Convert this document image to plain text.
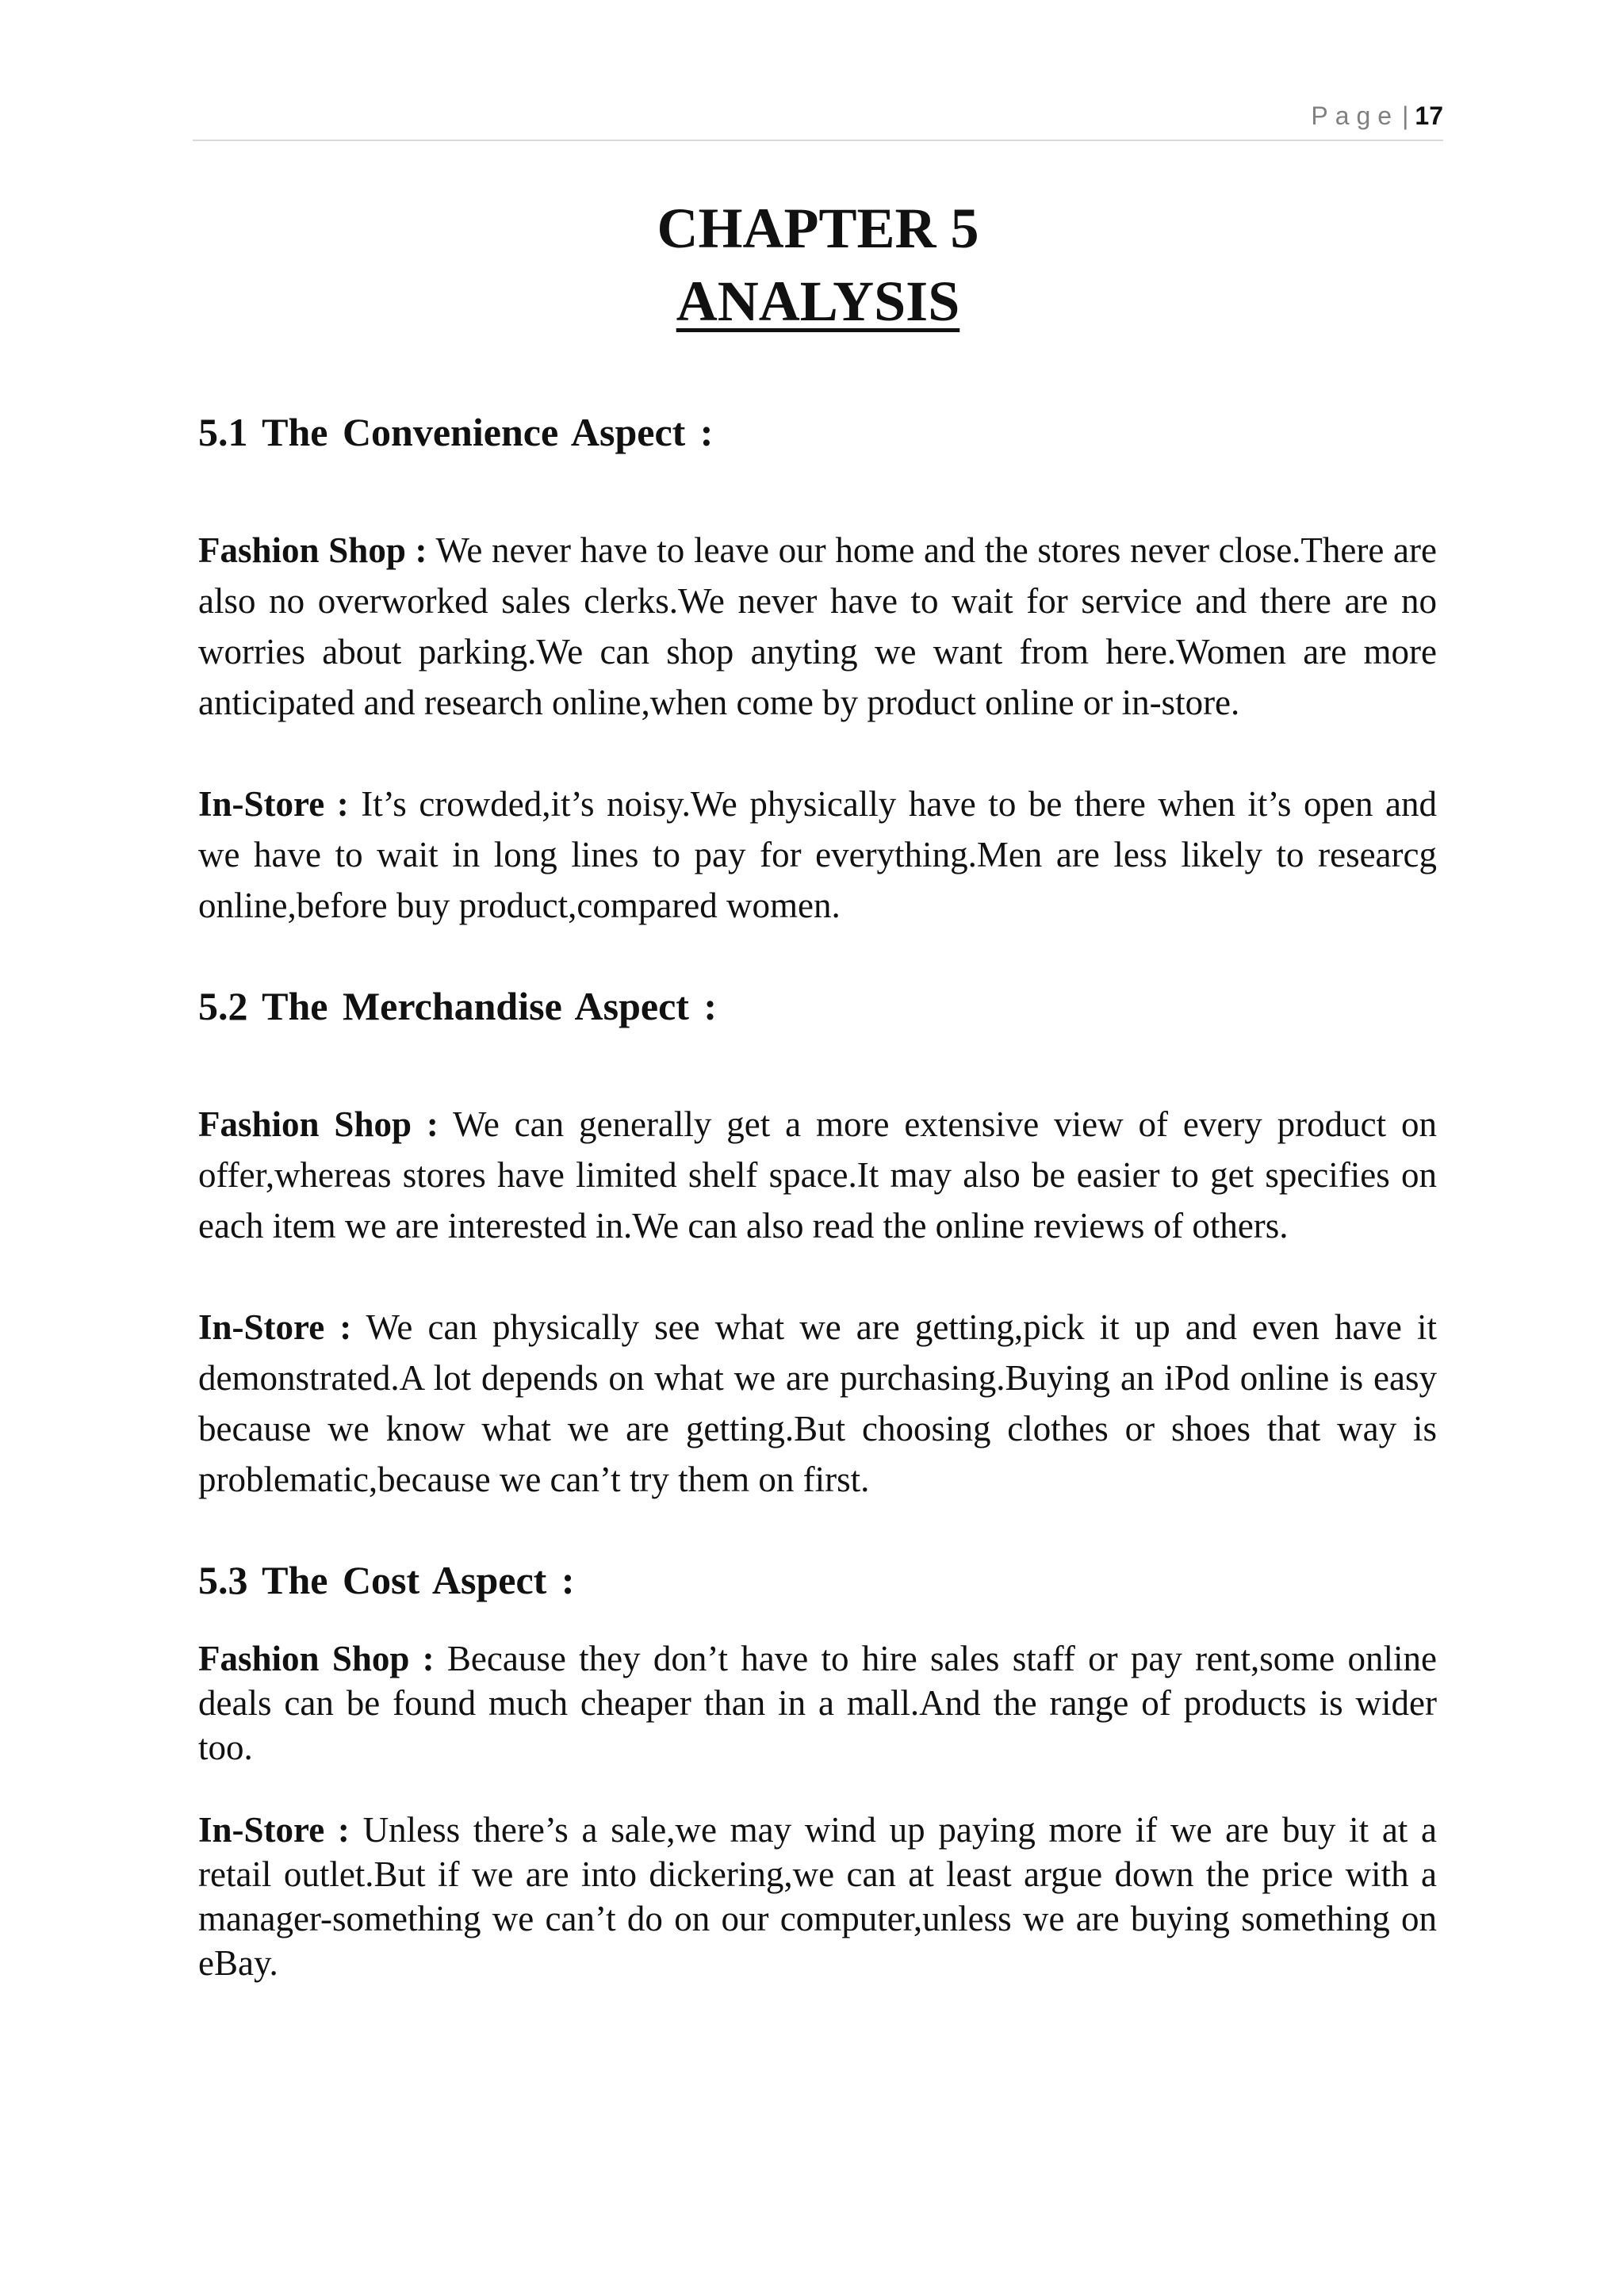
Page | 17
CHAPTER 5
ANALYSIS
5.1 The Convenience Aspect :

Fashion Shop : We never have to leave our home and the stores never close.There are also no overworked sales clerks.We never have to wait for service and there are no worries about parking.We can shop anyting we want from here.Women are more anticipated and research online,when come by product online or in-store.

In-Store : It’s crowded,it’s noisy.We physically have to be there when it’s open and we have to wait in long lines to pay for everything.Men are less likely to researcg online,before buy product,compared women.

5.2 The Merchandise Aspect :

Fashion Shop : We can generally get a more extensive view of every product on offer,whereas stores have limited shelf space.It may also be easier to get specifies on each item we are interested in.We can also read the online reviews of others.

In-Store : We can physically see what we are getting,pick it up and even have it demonstrated.A lot depends on what we are purchasing.Buying an iPod online is easy because we know what we are getting.But choosing clothes or shoes that way is problematic,because we can’t try them on first.

5.3 The Cost Aspect :

Fashion Shop : Because they don’t have to hire sales staff or pay rent,some online deals can be found much cheaper than in a mall.And the range of products is wider too.

In-Store : Unless there’s a sale,we may wind up paying more if we are buy it at a retail outlet.But if we are into dickering,we can at least argue down the price with a manager-something we can’t do on our computer,unless we are buying something on eBay.
